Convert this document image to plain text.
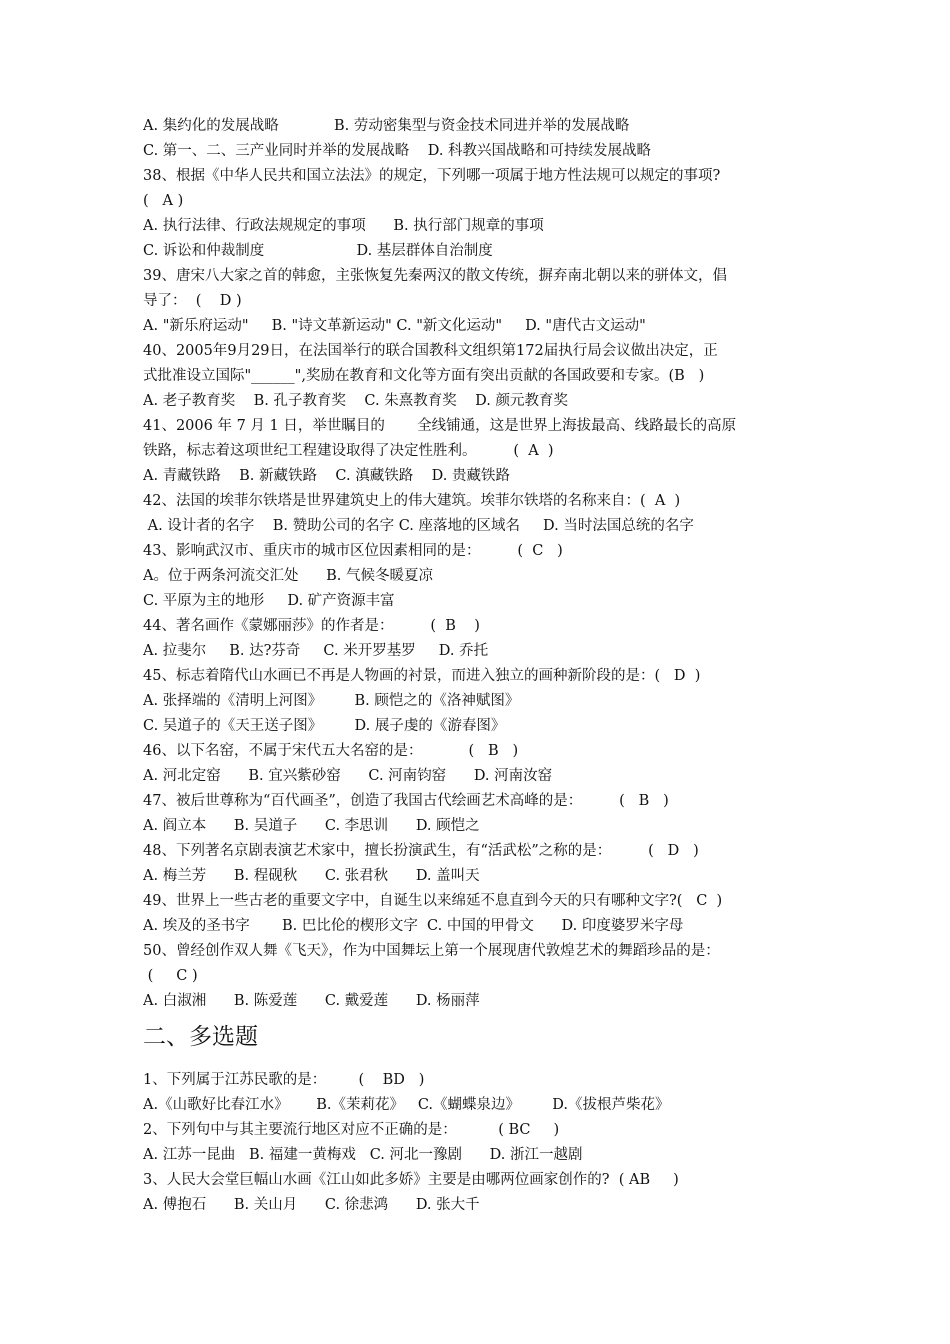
A. 集约化的发展战略            B. 劳动密集型与资金技术同进并举的发展战略
C. 第一、二、三产业同时并举的发展战略    D. 科教兴国战略和可持续发展战略
38、根据《中华人民共和国立法法》的规定，下列哪一项属于地方性法规可以规定的事项?
(   A )
A. 执行法律、行政法规规定的事项      B. 执行部门规章的事项
C. 诉讼和仲裁制度                    D. 基层群体自治制度
39、唐宋八大家之首的韩愈，主张恢复先秦两汉的散文传统，摒弃南北朝以来的骈体文，倡
导了：  (    D )
A. "新乐府运动"     B. "诗文革新运动" C. "新文化运动"     D. "唐代古文运动"
40、2005年9月29日，在法国举行的联合国教科文组织第172届执行局会议做出决定，正
式批准设立国际"______",奖励在教育和文化等方面有突出贡献的各国政要和专家。(B   )
A. 老子教育奖    B. 孔子教育奖    C. 朱熹教育奖    D. 颜元教育奖
41、2006 年 7 月 1 日，举世瞩目的       全线铺通，这是世界上海拔最高、线路最长的高原
铁路，标志着这项世纪工程建设取得了决定性胜利。        (  A  )
A. 青藏铁路    B. 新藏铁路    C. 滇藏铁路    D. 贵藏铁路
42、法国的埃菲尔铁塔是世界建筑史上的伟大建筑。埃菲尔铁塔的名称来自：(  A  )
A. 设计者的名字    B. 赞助公司的名字 C. 座落地的区域名     D. 当时法国总统的名字
43、影响武汉市、重庆市的城市区位因素相同的是：        (  C   )
A。位于两条河流交汇处      B. 气候冬暖夏凉
C. 平原为主的地形     D. 矿产资源丰富
44、著名画作《蒙娜丽莎》的作者是：        (  B    )
A. 拉斐尔     B. 达?芬奇     C. 米开罗基罗     D. 乔托
45、标志着隋代山水画已不再是人物画的衬景，而进入独立的画种新阶段的是：(   D  )
A. 张择端的《清明上河图》       B. 顾恺之的《洛神赋图》
C. 吴道子的《天王送子图》       D. 展子虔的《游春图》
46、以下名窑，不属于宋代五大名窑的是：          (   B   )
A. 河北定窑      B. 宜兴紫砂窑      C. 河南钧窑      D. 河南汝窑
47、被后世尊称为“百代画圣”，创造了我国古代绘画艺术高峰的是：        (   B   )
A. 阎立本      B. 吴道子      C. 李思训      D. 顾恺之
48、下列著名京剧表演艺术家中，擅长扮演武生，有“活武松”之称的是：        (   D   )
A. 梅兰芳      B. 程砚秋      C. 张君秋      D. 盖叫天
49、世界上一些古老的重要文字中，自诞生以来绵延不息直到今天的只有哪种文字?(   C  )
A. 埃及的圣书字       B. 巴比伦的楔形文字  C. 中国的甲骨文      D. 印度婆罗米字母
50、曾经创作双人舞《飞天》，作为中国舞坛上第一个展现唐代敦煌艺术的舞蹈珍品的是：
(     C )
A. 白淑湘      B. 陈爱莲      C. 戴爱莲      D. 杨丽萍
二、多选题
1、下列属于江苏民歌的是：       (    BD   )
A.《山歌好比春江水》      B.《茉莉花》   C.《蝴蝶泉边》       D.《拔根芦柴花》
2、下列句中与其主要流行地区对应不正确的是：         ( BC     )
A. 江苏一昆曲   B. 福建一黄梅戏   C. 河北一豫剧      D. 浙江一越剧
3、人民大会堂巨幅山水画《江山如此多娇》主要是由哪两位画家创作的?  ( AB     )
A. 傅抱石      B. 关山月      C. 徐悲鸿      D. 张大千
